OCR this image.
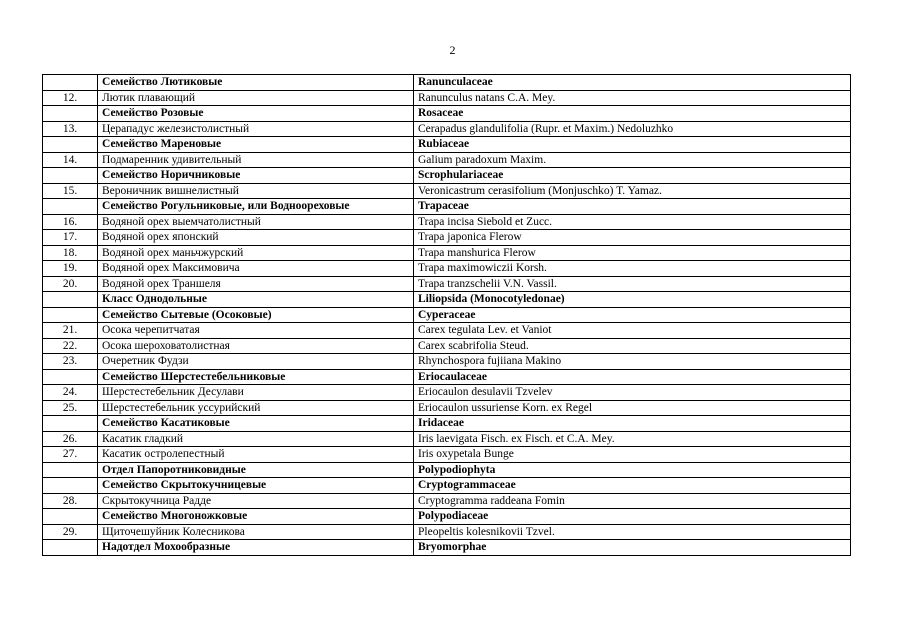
2
	Семейство Лютиковые	Ranunculaceae
12.	Лютик плавающий	Ranunculus natans C.A. Mey.
	Семейство Розовые	Rosaceae
13.	Церападус железистолистный	Cerapadus glandulifolia (Rupr. et Maxim.) Nedoluzhko
	Семейство Мареновые	Rubiaceae
14.	Подмаренник удивительный	Galium paradoxum Maxim.
	Семейство Норичниковые	Scrophulariaceae
15.	Вероничник вишнелистный	Veronicastrum cerasifolium (Monjuschko) T. Yamaz.
	Семейство Рогульниковые, или Водноореховые	Trapaceae
16.	Водяной орех выемчатолистный	Trapa incisa Siebold et Zucc.
17.	Водяной орех японский	Trapa japonica Flerow
18.	Водяной орех маньчжурский	Trapa manshurica Flerow
19.	Водяной орех Максимовича	Trapa maximowiczii Korsh.
20.	Водяной орех Траншеля	Trapa tranzschelii V.N. Vassil.
	Класс Однодольные	Liliopsida (Monocotyledonae)
	Семейство Сытевые (Осоковые)	Cyperaceae
21.	Осока черепитчатая	Carex tegulata Lev. et Vaniot
22.	Осока шероховатолистная	Carex scabrifolia Steud.
23.	Очеретник Фудзи	Rhynchospora fujiiana Makino
	Семейство Шерстестебельниковые	Eriocaulaceae
24.	Шерстестебельник Десулави	Eriocaulon desulavii Tzvelev
25.	Шерстестебельник уссурийский	Eriocaulon ussuriense Korn. ex Regel
	Семейство Касатиковые	Iridaceae
26.	Касатик гладкий	Iris laevigata Fisch. ex Fisch. et C.A. Mey.
27.	Касатик остролепестный	Iris oxypetala Bunge
	Отдел Папоротниковидные	Polypodiophyta
	Семейство Скрытокучницевые	Cryptogrammaceae
28.	Скрытокучница Радде	Cryptogramma raddeana Fomin
	Семейство Многоножковые	Polypodiaceae
29.	Щиточешуйник Колесникова	Pleopeltis kolesnikovii Tzvel.
	Надотдел Мохообразные	Bryomorphae
